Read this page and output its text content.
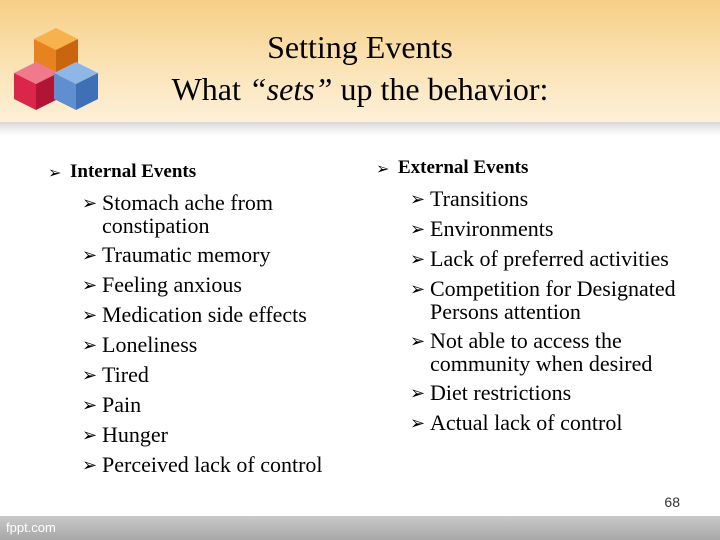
Setting Events
What “sets” up the behavior:
➢ Internal Events
➢ Stomach ache from constipation
➢ Traumatic memory
➢ Feeling anxious
➢ Medication side effects
➢ Loneliness
➢ Tired
➢ Pain
➢ Hunger
➢ Perceived lack of control
➢ External Events
➢ Transitions
➢ Environments
➢ Lack of preferred activities
➢ Competition for Designated Persons attention
➢ Not able to access the community when desired
➢ Diet restrictions
➢ Actual lack of control
68
fppt.com
